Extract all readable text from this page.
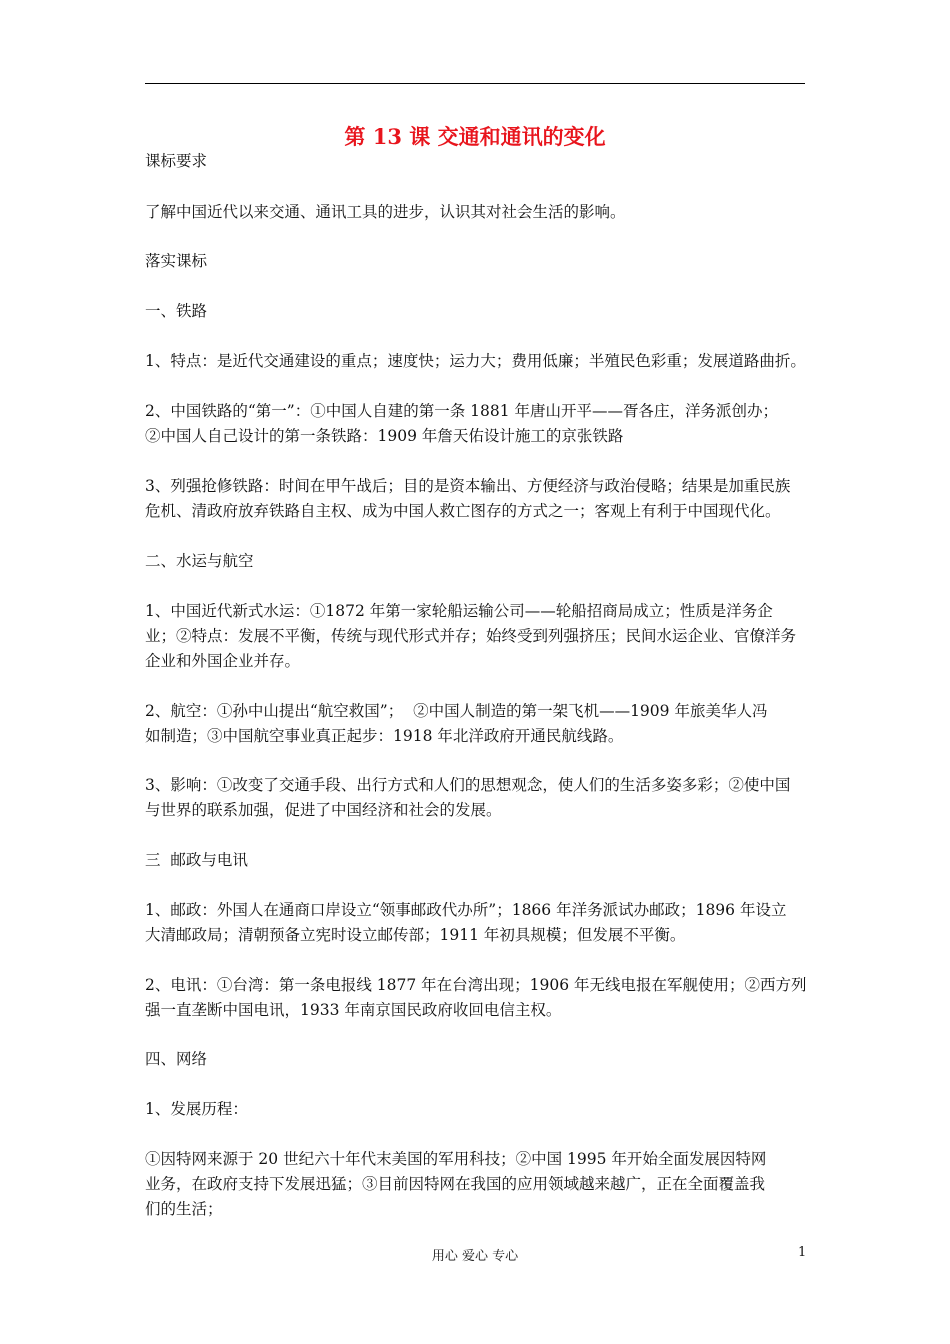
第 13 课 交通和通讯的变化
课标要求
了解中国近代以来交通、通讯工具的进步，认识其对社会生活的影响。
落实课标
一、铁路
1、特点：是近代交通建设的重点；速度快；运力大；费用低廉；半殖民色彩重；发展道路曲折。
2、中国铁路的“第一”：①中国人自建的第一条 1881 年唐山开平——胥各庄，洋务派创办；
②中国人自己设计的第一条铁路：1909 年詹天佑设计施工的京张铁路
3、列强抢修铁路：时间在甲午战后；目的是资本输出、方便经济与政治侵略；结果是加重民族
危机、清政府放弃铁路自主权、成为中国人救亡图存的方式之一；客观上有利于中国现代化。
二、水运与航空
1、中国近代新式水运：①1872 年第一家轮船运输公司——轮船招商局成立；性质是洋务企
业；②特点：发展不平衡，传统与现代形式并存；始终受到列强挤压；民间水运企业、官僚洋务
企业和外国企业并存。
2、航空：①孙中山提出“航空救国”；  ②中国人制造的第一架飞机——1909 年旅美华人冯
如制造；③中国航空事业真正起步：1918 年北洋政府开通民航线路。
3、影响：①改变了交通手段、出行方式和人们的思想观念，使人们的生活多姿多彩；②使中国
与世界的联系加强，促进了中国经济和社会的发展。
三  邮政与电讯
1、邮政：外国人在通商口岸设立“领事邮政代办所”；1866 年洋务派试办邮政；1896 年设立
大清邮政局；清朝预备立宪时设立邮传部；1911 年初具规模；但发展不平衡。
2、电讯：①台湾：第一条电报线 1877 年在台湾出现；1906 年无线电报在军舰使用；②西方列
强一直垄断中国电讯，1933 年南京国民政府收回电信主权。
四、网络
1、发展历程：
①因特网来源于 20 世纪六十年代末美国的军用科技；②中国 1995 年开始全面发展因特网
业务，在政府支持下发展迅猛；③目前因特网在我国的应用领域越来越广，正在全面覆盖我
们的生活；
用心 爱心 专心	1
